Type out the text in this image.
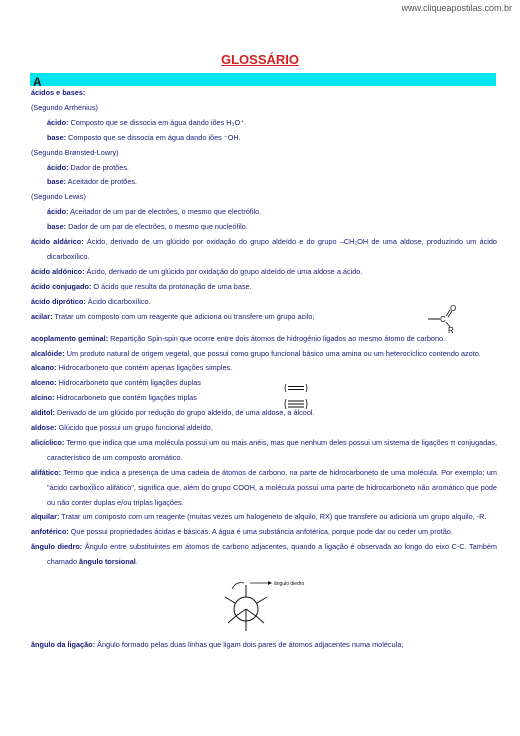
www.cliqueapostilas.com.br
GLOSSÁRIO
A

ácidos e bases:

(Segundo Arrhenius)

ácido: Composto que se dissocia em água dando iões H₃O⁺.

base: Composto que se dissocia em água dando iões ⁻OH.

(Segundo Brønsted-Lowry)

ácido: Dador de protões.

base: Aceitador de protões.

(Segundo Lewis)

ácido: Aceitador de um par de electrões, o mesmo que electrófilo.

base: Dador de um par de electrões, o mesmo que nucleófilo.

ácido aldárico: Ácido, derivado de um glúcido por oxidação do grupo aldeído e do grupo –CH₂OH de uma aldose, produzindo um ácido dicarboxílico.

ácido aldónico: Ácido, derivado de um glúcido por oxidação do grupo aldeído de uma aldose a ácido.

ácido conjugado: O ácido que resulta da protonação de uma base.

ácido diprótico: Ácido dicarboxílico.

acilar: Tratar um composto com um reagente que adiciona ou transfere um grupo acilo;

acoplamento geminal: Repartição Spin-spin que ocorre entre dois átomos de hidrogénio ligados ao mesmo átomo de carbono.

alcalóide: Um produto natural de origem vegetal, que possui como grupo funcional básico uma amina ou um heterocíclico contendo azoto.

alcano: Hidrocarboneto que contém apenas ligações simples.

alceno: Hidrocarboneto que contém ligações duplas

alcino: Hidrocarboneto que contém ligações triplas

alditol: Derivado de um glúcido por redução do grupo aldeído, de uma aldose, a álcool.

aldose: Glúcido que possui um grupo funcional aldeído.

alicíclico: Termo que indica que uma molécula possui um ou mais anéis, mas que nenhum deles possui um sistema de ligações π conjugadas, característico de um composto aromático.

alifático: Termo que indica a presença de uma cadeia de átomos de carbono, na parte de hidrocarboneto de uma molécula. Por exemplo; um "ácido carboxílico alifático", significa que, além do grupo COOH, a molécula possui uma parte de hidrocarboneto não aromático que pode ou não conter duplas e/ou triplas ligações.

alquilar: Tratar um composto com um reagente (muitas vezes um halogeneto de alquilo, RX) que transfere ou adiciona um grupo alquilo, -R.

anfotérico: Que possui propriedades ácidas e básicas. A água é uma substância anfotérica, porque pode dar ou ceder um protão.

ângulo diedro: Ângulo entre substituintes em átomos de carbono adjacentes, quando a ligação é observada ao longo do eixo C-C. Também chamado ângulo torsional.

ângulo da ligação: Ângulo formado pelas duas linhas que ligam dois pares de átomos adjacentes numa molécula;

C
O
R
ângulo diedro
